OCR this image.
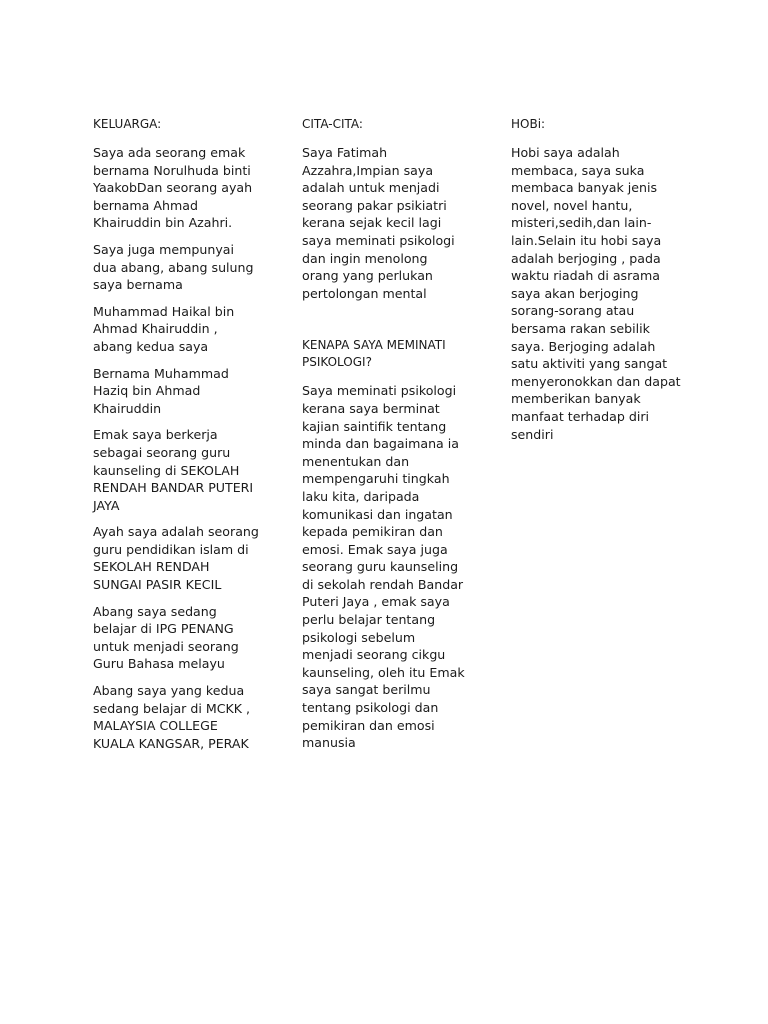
KELUARGA:

Saya ada seorang emak bernama Norulhuda binti YaakobDan seorang ayah bernama Ahmad Khairuddin bin Azahri.

Saya juga mempunyai dua abang, abang sulung saya bernama

Muhammad Haikal bin Ahmad Khairuddin , abang kedua saya

Bernama Muhammad Haziq bin Ahmad Khairuddin

Emak saya berkerja sebagai seorang guru kaunseling di SEKOLAH RENDAH BANDAR PUTERI JAYA

Ayah saya adalah seorang guru pendidikan islam di SEKOLAH RENDAH SUNGAI PASIR KECIL

Abang saya sedang belajar di IPG PENANG untuk menjadi seorang Guru Bahasa melayu

Abang saya yang kedua sedang belajar di MCKK , MALAYSIA COLLEGE KUALA KANGSAR, PERAK

CITA-CITA:

Saya Fatimah Azzahra,Impian saya adalah untuk menjadi seorang pakar psikiatri kerana sejak kecil lagi saya meminati psikologi dan ingin menolong orang yang perlukan pertolongan mental

KENAPA SAYA MEMINATI PSIKOLOGI?

Saya meminati psikologi kerana saya berminat kajian saintifik tentang minda dan bagaimana ia menentukan dan mempengaruhi tingkah laku kita, daripada komunikasi dan ingatan kepada pemikiran dan emosi. Emak saya juga seorang guru kaunseling di sekolah rendah Bandar Puteri Jaya , emak saya perlu belajar tentang psikologi sebelum menjadi seorang cikgu kaunseling, oleh itu Emak saya sangat berilmu tentang psikologi dan pemikiran dan emosi manusia

HOBi:

Hobi saya adalah membaca, saya suka membaca banyak jenis novel, novel hantu, misteri,sedih,dan lain-lain.Selain itu hobi saya adalah berjoging , pada waktu riadah di asrama saya akan berjoging sorang-sorang atau bersama rakan sebilik saya. Berjoging adalah satu aktiviti yang sangat menyeronokkan dan dapat memberikan banyak manfaat terhadap diri sendiri
